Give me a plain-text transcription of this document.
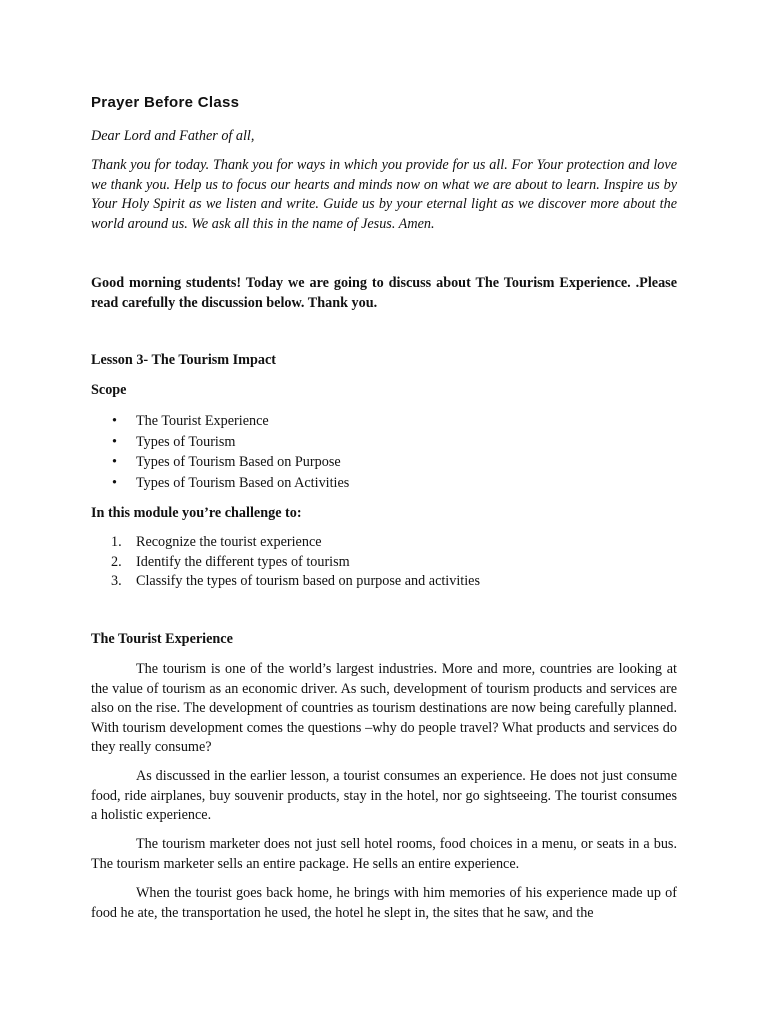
Prayer Before Class

Dear Lord and Father of all,

Thank you for today. Thank you for ways in which you provide for us all. For Your protection and love we thank you. Help us to focus our hearts and minds now on what we are about to learn. Inspire us by Your Holy Spirit as we listen and write. Guide us by your eternal light as we discover more about the world around us. We ask all this in the name of Jesus. Amen.

Good morning students! Today we are going to discuss about The Tourism Experience. .Please read carefully the discussion below. Thank you.

Lesson 3- The Tourism Impact

Scope

• The Tourist Experience
• Types of Tourism
• Types of Tourism Based on Purpose
• Types of Tourism Based on Activities

In this module you’re challenge to:

1. Recognize the tourist experience
2. Identify the different types of tourism
3. Classify the types of tourism based on purpose and activities

The Tourist Experience

The tourism is one of the world’s largest industries. More and more, countries are looking at the value of tourism as an economic driver. As such, development of tourism products and services are also on the rise. The development of countries as tourism destinations are now being carefully planned. With tourism development comes the questions –why do people travel? What products and services do they really consume?

As discussed in the earlier lesson, a tourist consumes an experience. He does not just consume food, ride airplanes, buy souvenir products, stay in the hotel, nor go sightseeing. The tourist consumes a holistic experience.

The tourism marketer does not just sell hotel rooms, food choices in a menu, or seats in a bus. The tourism marketer sells an entire package. He sells an entire experience.

When the tourist goes back home, he brings with him memories of his experience made up of food he ate, the transportation he used, the hotel he slept in, the sites that he saw, and the
